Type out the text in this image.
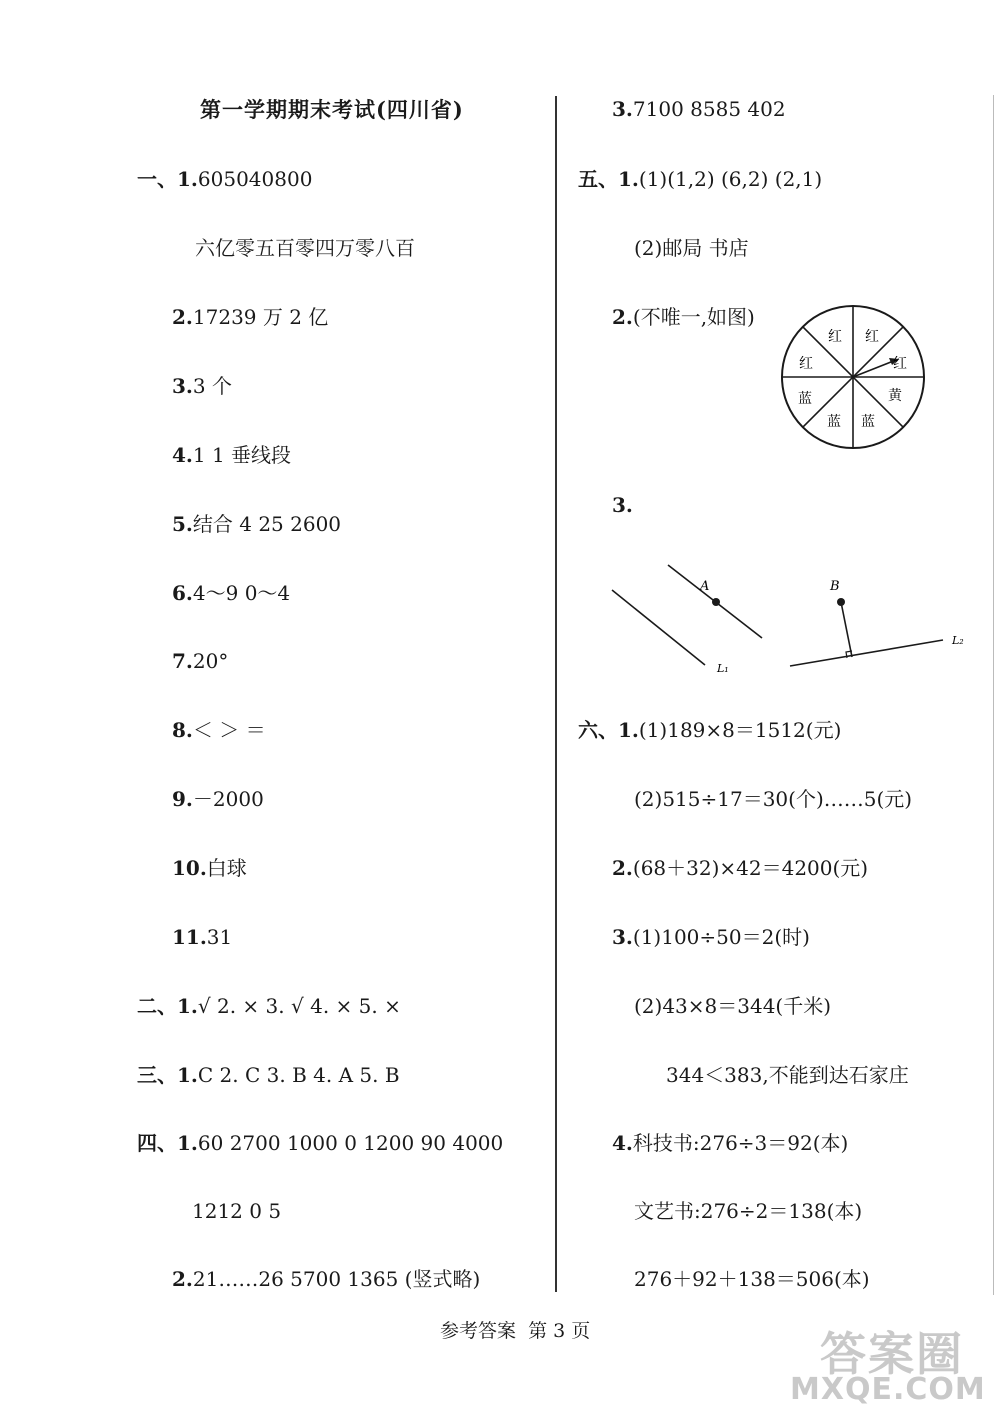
第一学期期末考试(四川省)
一、1.605040800
六亿零五百零四万零八百
2.17239 万 2 亿
3.3 个
4.1 1 垂线段
5.结合 4 25 2600
6.4～9 0～4
7.20°
8.＜ ＞ ＝
9.－2000
10.白球
11.31
二、1.√ 2. × 3. √ 4. × 5. ×
三、1.C 2. C 3. B 4. A 5. B
四、1.60 2700 1000 0 1200 90 4000
1212 0 5
2.21……26 5700 1365 (竖式略)
3.7100 8585 402
五、1.(1)(1,2) (6,2) (2,1)
(2)邮局 书店
2.(不唯一,如图)
红 红
红
黄
蓝
蓝
蓝
红
3.
A
L₁
L₂
B
六、1.(1)189×8＝1512(元)
(2)515÷17＝30(个)……5(元)
2.(68＋32)×42＝4200(元)
3.(1)100÷50＝2(时)
(2)43×8＝344(千米)
344＜383,不能到达石家庄
4.科技书:276÷3＝92(本)
文艺书:276÷2＝138(本)
276＋92＋138＝506(本)
参考答案 第 3 页	答案圈
MXQE.COM
